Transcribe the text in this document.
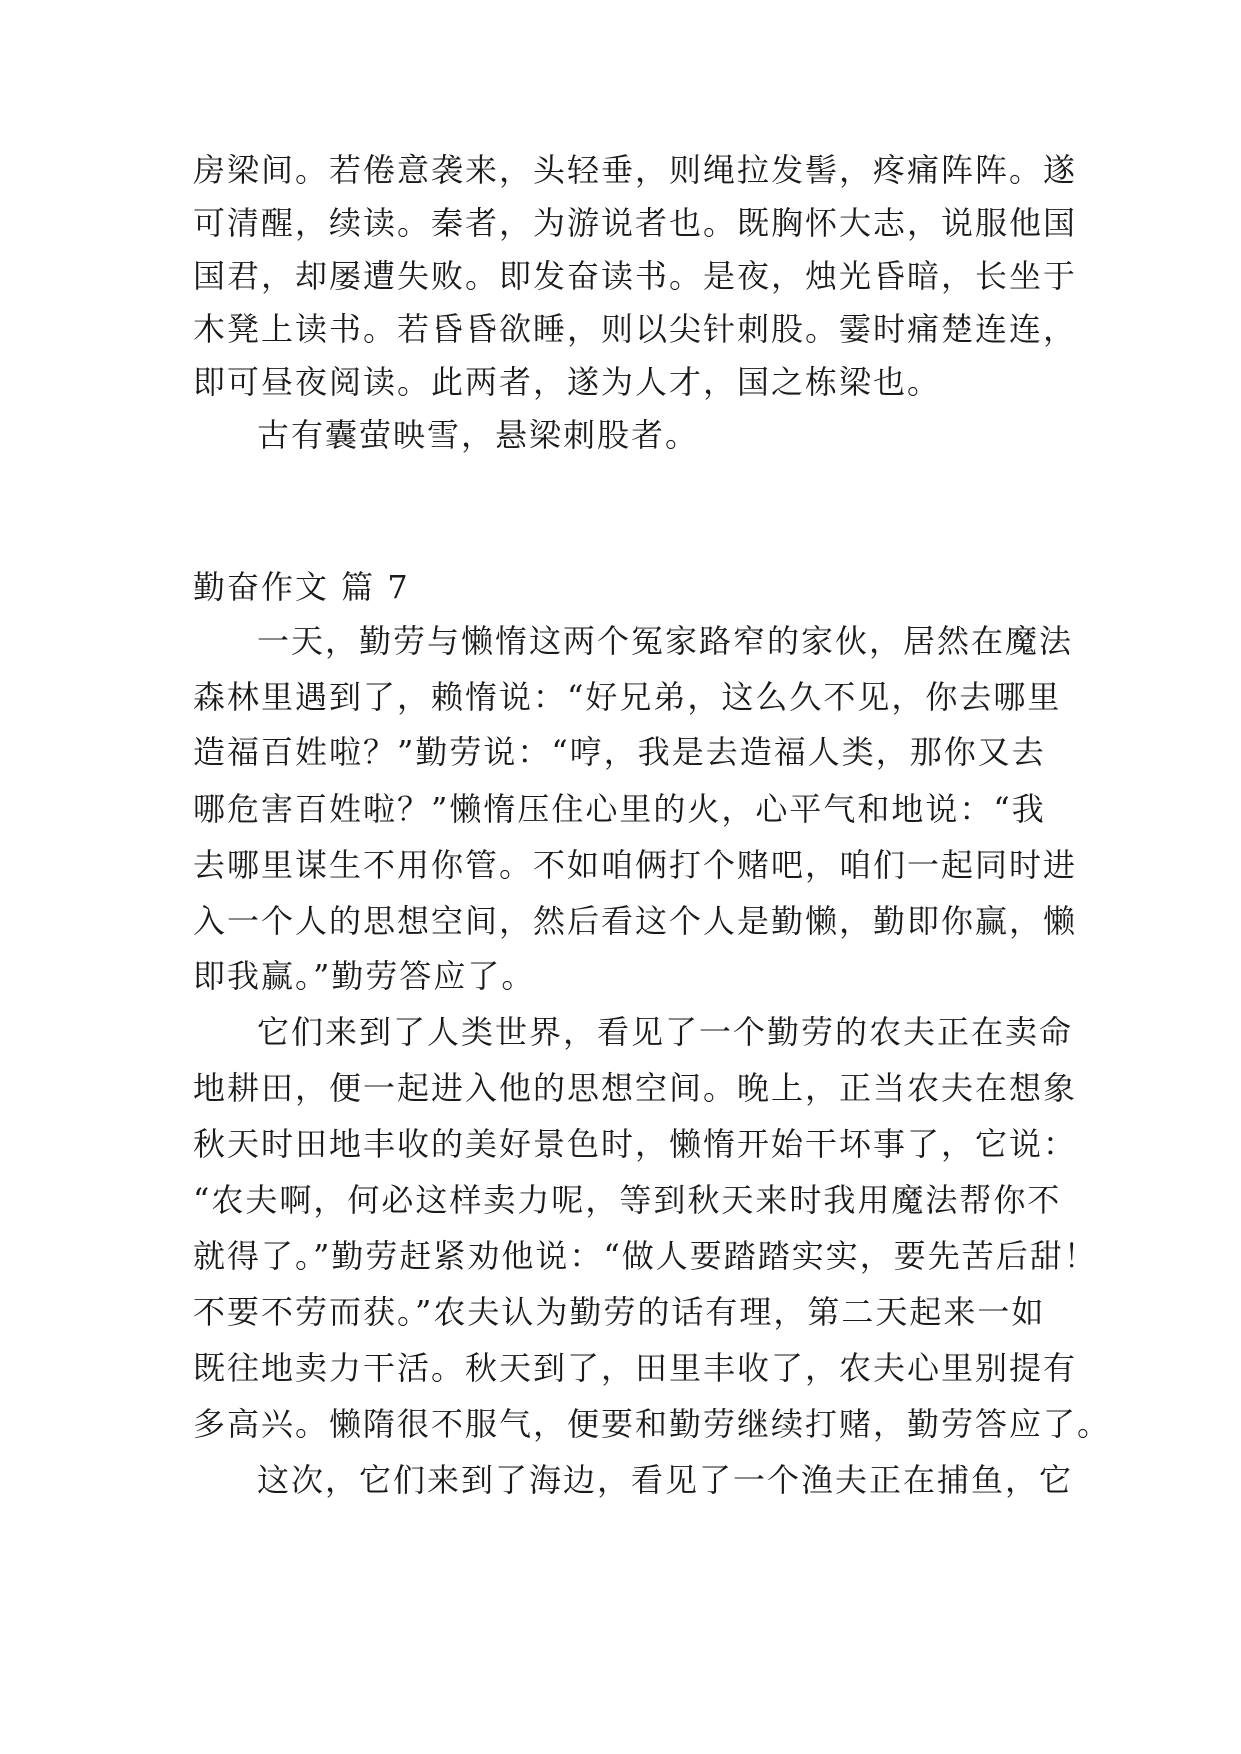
房梁间。若倦意袭来，头轻垂，则绳拉发髻，疼痛阵阵。遂
可清醒，续读。秦者，为游说者也。既胸怀大志，说服他国
国君，却屡遭失败。即发奋读书。是夜，烛光昏暗，长坐于
木凳上读书。若昏昏欲睡，则以尖针刺股。霎时痛楚连连，
即可昼夜阅读。此两者，遂为人才，国之栋梁也。
古有囊萤映雪，悬梁刺股者。
勤奋作文 篇 7
一天，勤劳与懒惰这两个冤家路窄的家伙，居然在魔法
森林里遇到了，赖惰说：“好兄弟，这么久不见，你去哪里
造福百姓啦？”勤劳说：“哼，我是去造福人类，那你又去
哪危害百姓啦？”懒惰压住心里的火，心平气和地说：“我
去哪里谋生不用你管。不如咱俩打个赌吧，咱们一起同时进
入一个人的思想空间，然后看这个人是勤懒，勤即你赢，懒
即我赢。”勤劳答应了。
它们来到了人类世界，看见了一个勤劳的农夫正在卖命
地耕田，便一起进入他的思想空间。晚上，正当农夫在想象
秋天时田地丰收的美好景色时，懒惰开始干坏事了，它说：
“农夫啊，何必这样卖力呢，等到秋天来时我用魔法帮你不
就得了。”勤劳赶紧劝他说：“做人要踏踏实实，要先苦后甜！
不要不劳而获。”农夫认为勤劳的话有理，第二天起来一如
既往地卖力干活。秋天到了，田里丰收了，农夫心里别提有
多高兴。懒隋很不服气，便要和勤劳继续打赌，勤劳答应了。
这次，它们来到了海边，看见了一个渔夫正在捕鱼，它
